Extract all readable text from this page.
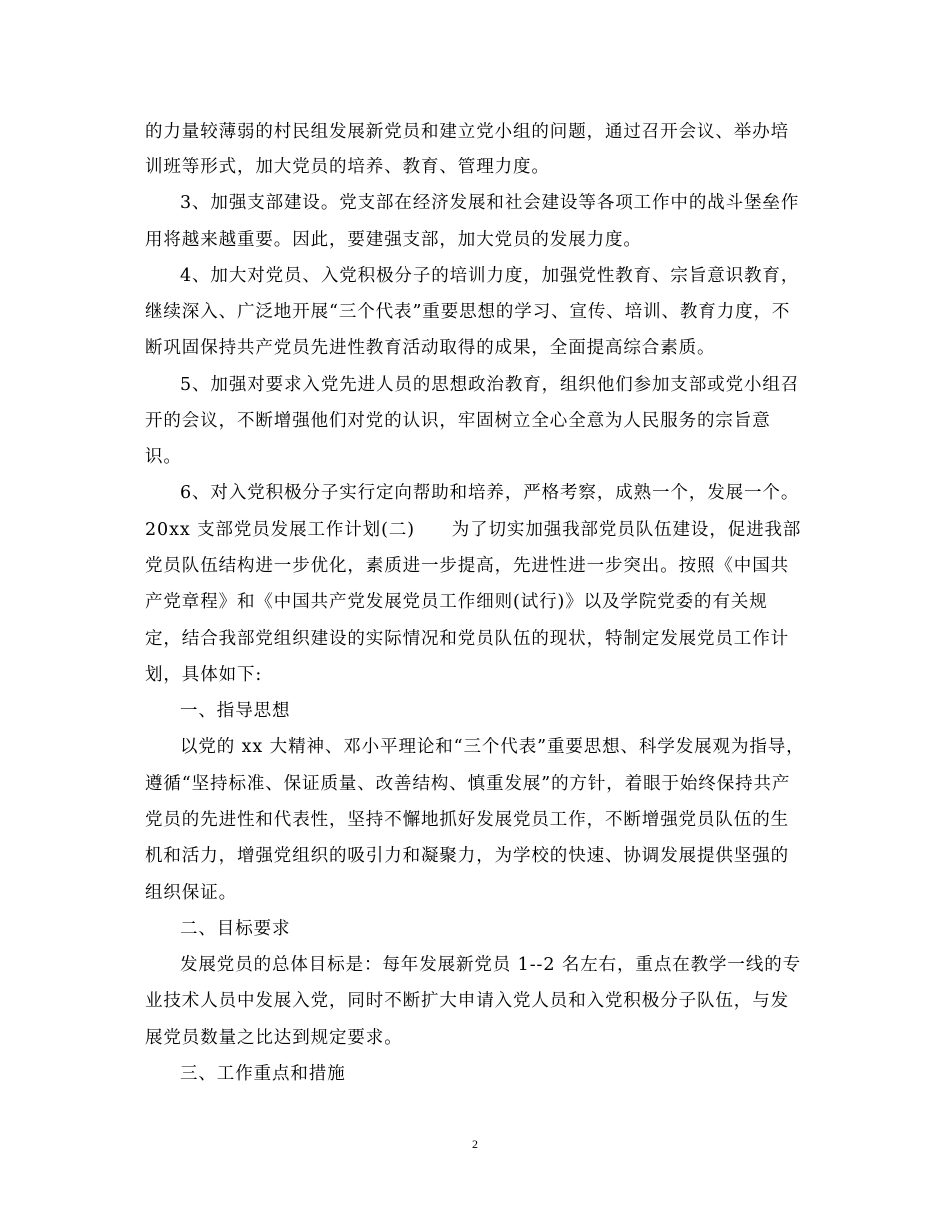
的力量较薄弱的村民组发展新党员和建立党小组的问题，通过召开会议、举办培
训班等形式，加大党员的培养、教育、管理力度。
3、加强支部建设。党支部在经济发展和社会建设等各项工作中的战斗堡垒作
用将越来越重要。因此，要建强支部，加大党员的发展力度。
4、加大对党员、入党积极分子的培训力度，加强党性教育、宗旨意识教育，
继续深入、广泛地开展“三个代表”重要思想的学习、宣传、培训、教育力度，不
断巩固保持共产党员先进性教育活动取得的成果，全面提高综合素质。
5、加强对要求入党先进人员的思想政治教育，组织他们参加支部或党小组召
开的会议，不断增强他们对党的认识，牢固树立全心全意为人民服务的宗旨意
识。
6、对入党积极分子实行定向帮助和培养，严格考察，成熟一个，发展一个。
20xx 支部党员发展工作计划(二)　　为了切实加强我部党员队伍建设，促进我部
党员队伍结构进一步优化，素质进一步提高，先进性进一步突出。按照《中国共
产党章程》和《中国共产党发展党员工作细则(试行)》以及学院党委的有关规
定，结合我部党组织建设的实际情况和党员队伍的现状，特制定发展党员工作计
划，具体如下:
一、指导思想
以党的 xx 大精神、邓小平理论和“三个代表”重要思想、科学发展观为指导，
遵循“坚持标准、保证质量、改善结构、慎重发展”的方针，着眼于始终保持共产
党员的先进性和代表性，坚持不懈地抓好发展党员工作，不断增强党员队伍的生
机和活力，增强党组织的吸引力和凝聚力，为学校的快速、协调发展提供坚强的
组织保证。
二、目标要求
发展党员的总体目标是：每年发展新党员 1--2 名左右，重点在教学一线的专
业技术人员中发展入党，同时不断扩大申请入党人员和入党积极分子队伍，与发
展党员数量之比达到规定要求。
三、工作重点和措施
2
